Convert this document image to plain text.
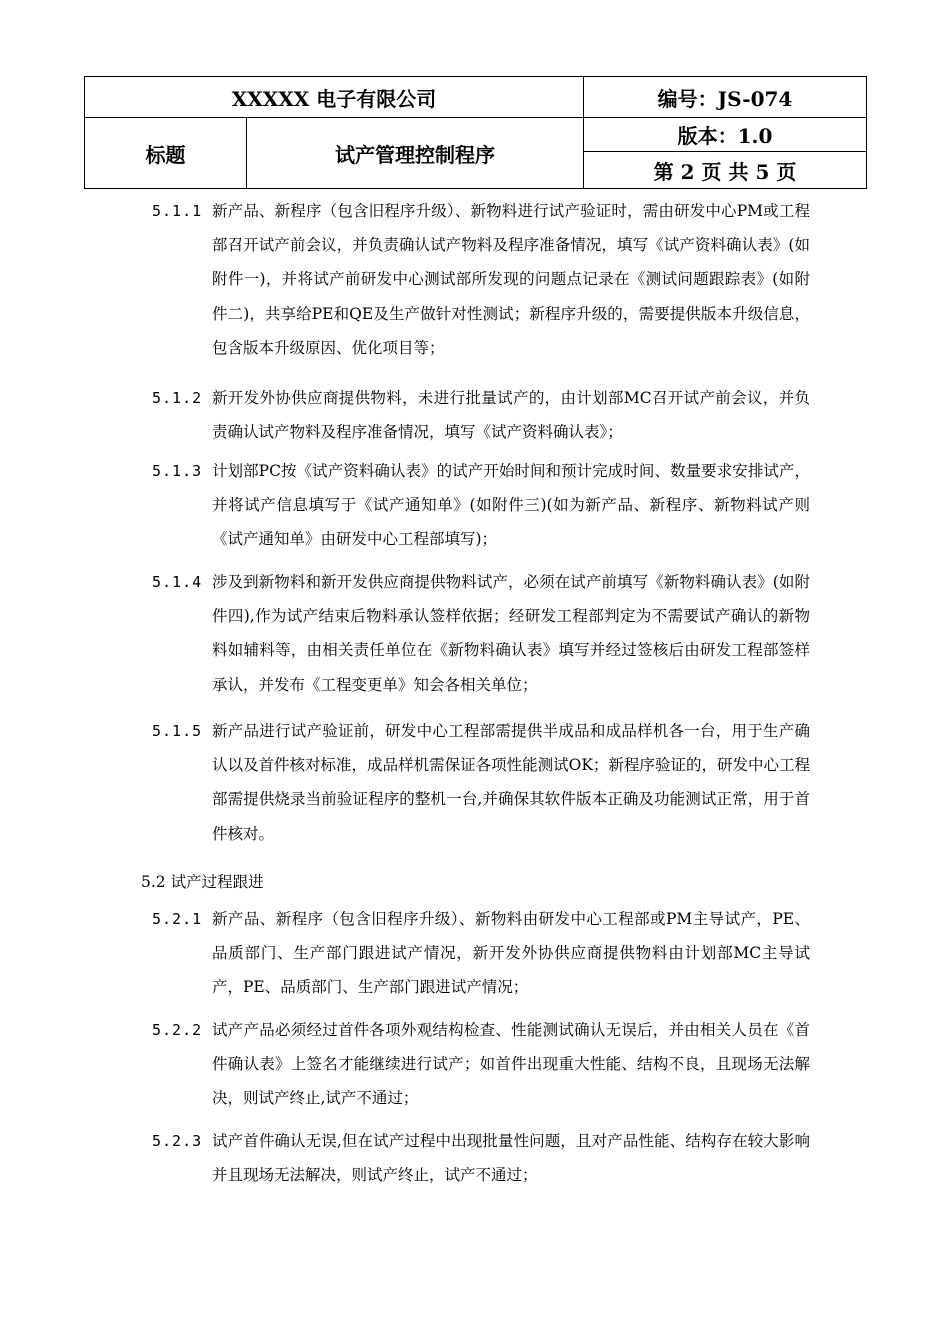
XXXXX 电子有限公司	编号：JS-074
标题	试产管理控制程序
版本：1.0
第 2 页 共 5 页
5.1.1 新产品、新程序（包含旧程序升级）、新物料进行试产验证时，需由研发中心PM或工程部召开试产前会议，并负责确认试产物料及程序准备情况，填写《试产资料确认表》(如附件一)，并将试产前研发中心测试部所发现的问题点记录在《测试问题跟踪表》(如附件二)，共享给PE和QE及生产做针对性测试；新程序升级的，需要提供版本升级信息，包含版本升级原因、优化项目等；
5.1.2 新开发外协供应商提供物料，未进行批量试产的，由计划部MC召开试产前会议，并负责确认试产物料及程序准备情况，填写《试产资料确认表》；
5.1.3 计划部PC按《试产资料确认表》的试产开始时间和预计完成时间、数量要求安排试产，并将试产信息填写于《试产通知单》(如附件三)(如为新产品、新程序、新物料试产则《试产通知单》由研发中心工程部填写)；
5.1.4 涉及到新物料和新开发供应商提供物料试产，必须在试产前填写《新物料确认表》(如附件四),作为试产结束后物料承认签样依据；经研发工程部判定为不需要试产确认的新物料如辅料等，由相关责任单位在《新物料确认表》填写并经过签核后由研发工程部签样承认，并发布《工程变更单》知会各相关单位；
5.1.5 新产品进行试产验证前，研发中心工程部需提供半成品和成品样机各一台，用于生产确认以及首件核对标准，成品样机需保证各项性能测试OK；新程序验证的，研发中心工程部需提供烧录当前验证程序的整机一台,并确保其软件版本正确及功能测试正常，用于首件核对。
5.2 试产过程跟进
5.2.1 新产品、新程序（包含旧程序升级）、新物料由研发中心工程部或PM主导试产，PE、品质部门、生产部门跟进试产情况，新开发外协供应商提供物料由计划部MC主导试产，PE、品质部门、生产部门跟进试产情况；
5.2.2 试产产品必须经过首件各项外观结构检查、性能测试确认无误后，并由相关人员在《首件确认表》上签名才能继续进行试产；如首件出现重大性能、结构不良，且现场无法解决，则试产终止,试产不通过；
5.2.3 试产首件确认无误,但在试产过程中出现批量性问题，且对产品性能、结构存在较大影响并且现场无法解决，则试产终止，试产不通过；
